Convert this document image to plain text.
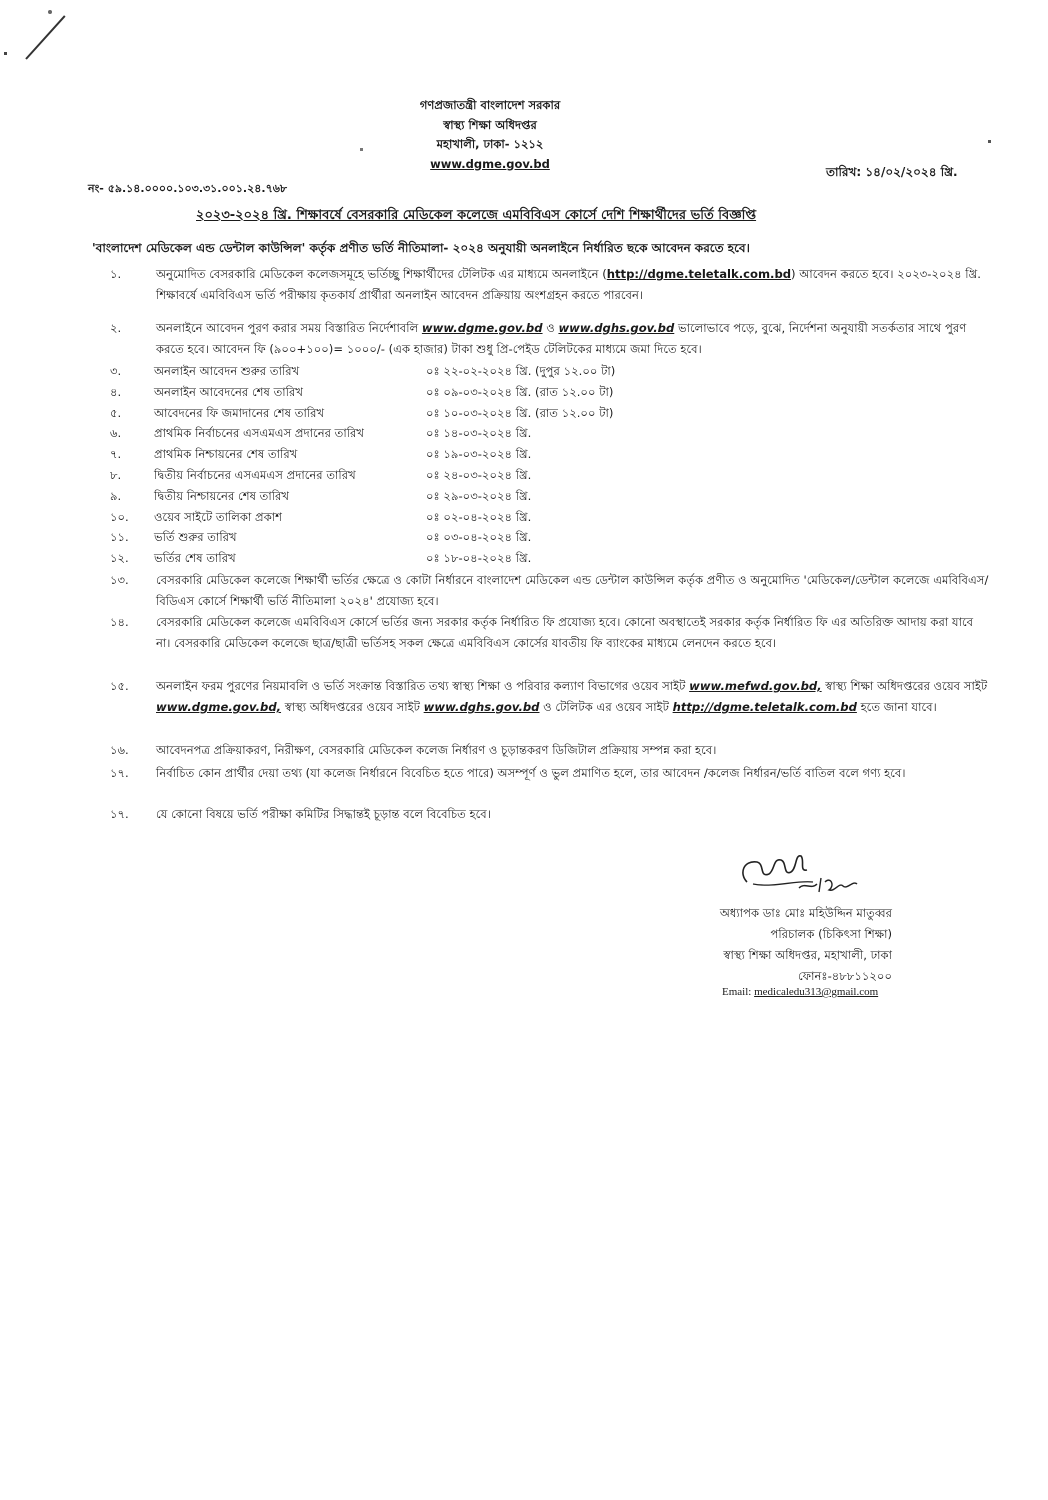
গণপ্রজাতন্ত্রী বাংলাদেশ সরকার
স্বাস্থ্য শিক্ষা অধিদপ্তর
মহাখালী, ঢাকা- ১২১২
www.dgme.gov.bd
তারিখ: ১৪/০২/২০২৪ খ্রি.
নং- ৫৯.১৪.০০০০.১০৩.৩১.০০১.২৪.৭৬৮
২০২৩-২০২৪ খ্রি. শিক্ষাবর্ষে বেসরকারি মেডিকেল কলেজে এমবিবিএস কোর্সে দেশি শিক্ষার্থীদের ভর্তি বিজ্ঞপ্তি
'বাংলাদেশ মেডিকেল এন্ড ডেন্টাল কাউন্সিল' কর্তৃক প্রণীত ভর্তি নীতিমালা- ২০২৪ অনুযায়ী অনলাইনে নির্ধারিত ছকে আবেদন করতে হবে।
১.	অনুমোদিত বেসরকারি মেডিকেল কলেজসমূহে ভর্তিচ্ছু শিক্ষার্থীদের টেলিটক এর মাধ্যমে অনলাইনে (http://dgme.teletalk.com.bd) আবেদন করতে হবে। ২০২৩-২০২৪ খ্রি. শিক্ষাবর্ষে এমবিবিএস ভর্তি পরীক্ষায় কৃতকার্য প্রার্থীরা অনলাইন আবেদন প্রক্রিয়ায় অংশগ্রহন করতে পারবেন।
২.	অনলাইনে আবেদন পুরণ করার সময় বিস্তারিত নির্দেশাবলি www.dgme.gov.bd ও www.dghs.gov.bd ভালোভাবে পড়ে, বুঝে, নির্দেশনা অনুযায়ী সতর্কতার সাথে পুরণ করতে হবে। আবেদন ফি (৯০০+১০০)= ১০০০/- (এক হাজার) টাকা শুধু প্রি-পেইড টেলিটকের মাধ্যমে জমা দিতে হবে।
৩.	অনলাইন আবেদন শুরুর তারিখ	০ঃ ২২-০২-২০২৪ খ্রি. (দুপুর ১২.০০ টা)
৪.	অনলাইন আবেদনের শেষ তারিখ	০ঃ ০৯-০৩-২০২৪ খ্রি. (রাত ১২.০০ টা)
৫.	আবেদনের ফি জমাদানের শেষ তারিখ	০ঃ ১০-০৩-২০২৪ খ্রি. (রাত ১২.০০ টা)
৬.	প্রাথমিক নির্বাচনের এসএমএস প্রদানের তারিখ	০ঃ ১৪-০৩-২০২৪ খ্রি.
৭.	প্রাথমিক নিশ্চায়নের শেষ তারিখ	০ঃ ১৯-০৩-২০২৪ খ্রি.
৮.	দ্বিতীয় নির্বাচনের এসএমএস প্রদানের তারিখ	০ঃ ২৪-০৩-২০২৪ খ্রি.
৯.	দ্বিতীয় নিশ্চায়নের শেষ তারিখ	০ঃ ২৯-০৩-২০২৪ খ্রি.
১০.	ওয়েব সাইটে তালিকা প্রকাশ	০ঃ ০২-০৪-২০২৪ খ্রি.
১১.	ভর্তি শুরুর তারিখ	০ঃ ০৩-০৪-২০২৪ খ্রি.
১২.	ভর্তির শেষ তারিখ	০ঃ ১৮-০৪-২০২৪ খ্রি.
১৩.	বেসরকারি মেডিকেল কলেজে শিক্ষার্থী ভর্তির ক্ষেত্রে ও কোটা নির্ধারনে বাংলাদেশ মেডিকেল এন্ড ডেন্টাল কাউন্সিল কর্তৃক প্রণীত ও অনুমোদিত 'মেডিকেল/ডেন্টাল কলেজে এমবিবিএস/বিডিএস কোর্সে শিক্ষার্থী ভর্তি নীতিমালা ২০২৪' প্রযোজ্য হবে।
১৪.	বেসরকারি মেডিকেল কলেজে এমবিবিএস কোর্সে ভর্তির জন্য সরকার কর্তৃক নির্ধারিত ফি প্রযোজ্য হবে। কোনো অবস্থাতেই সরকার কর্তৃক নির্ধারিত ফি এর অতিরিক্ত আদায় করা যাবে না। বেসরকারি মেডিকেল কলেজে ছাত্র/ছাত্রী ভর্তিসহ সকল ক্ষেত্রে এমবিবিএস কোর্সের যাবতীয় ফি ব্যাংকের মাধ্যমে লেনদেন করতে হবে।
১৫.	অনলাইন ফরম পুরণের নিয়মাবলি ও ভর্তি সংক্রান্ত বিস্তারিত তথ্য স্বাস্থ্য শিক্ষা ও পরিবার কল্যাণ বিভাগের ওয়েব সাইট www.mefwd.gov.bd, স্বাস্থ্য শিক্ষা অধিদপ্তরের ওয়েব সাইট www.dgme.gov.bd, স্বাস্থ্য অধিদপ্তরের ওয়েব সাইট www.dghs.gov.bd ও টেলিটক এর ওয়েব সাইট http://dgme.teletalk.com.bd হতে জানা যাবে।
১৬.	আবেদনপত্র প্রক্রিয়াকরণ, নিরীক্ষণ, বেসরকারি মেডিকেল কলেজ নির্ধারণ ও চূড়ান্তকরণ ডিজিটাল প্রক্রিয়ায় সম্পন্ন করা হবে।
১৭.	নির্বাচিত কোন প্রার্থীর দেয়া তথ্য (যা কলেজ নির্ধারনে বিবেচিত হতে পারে) অসম্পূর্ণ ও ভুল প্রমাণিত হলে, তার আবেদন /কলেজ নির্ধারন/ভর্তি বাতিল বলে গণ্য হবে।
১৭.	যে কোনো বিষয়ে ভর্তি পরীক্ষা কমিটির সিদ্ধান্তই চূড়ান্ত বলে বিবেচিত হবে।
অধ্যাপক ডাঃ মোঃ মহিউদ্দিন মাতুব্বর
পরিচালক (চিকিৎসা শিক্ষা)
স্বাস্থ্য শিক্ষা অধিদপ্তর, মহাখালী, ঢাকা
ফোনঃ-৪৮৮১১২০০
Email: medicaledu313@gmail.com
